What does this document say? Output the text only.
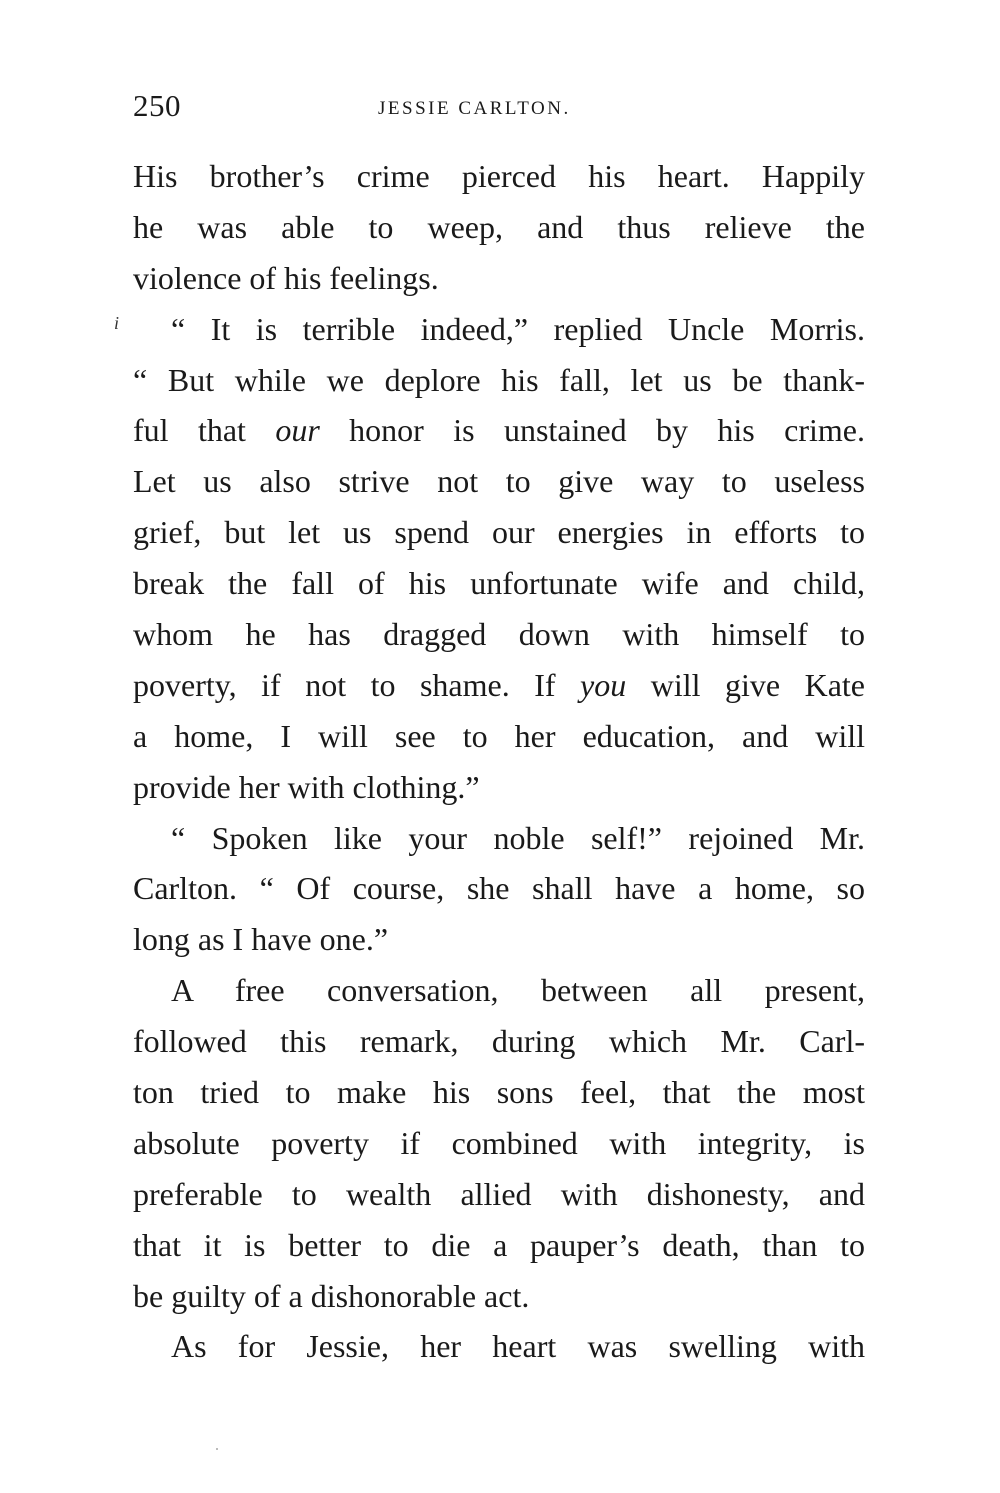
250	JESSIE CARLTON.
i
His brother’s crime pierced his heart. Happily
he was able to weep, and thus relieve the
violence of his feelings.
“ It is terrible indeed,” replied Uncle Morris.
“ But while we deplore his fall, let us be thank-
ful that our honor is unstained by his crime.
Let us also strive not to give way to useless
grief, but let us spend our energies in efforts to
break the fall of his unfortunate wife and child,
whom he has dragged down with himself to
poverty, if not to shame. If you will give Kate
a home, I will see to her education, and will
provide her with clothing.”
“ Spoken like your noble self!” rejoined Mr.
Carlton. “ Of course, she shall have a home, so
long as I have one.”
A free conversation, between all present,
followed this remark, during which Mr. Carl-
ton tried to make his sons feel, that the most
absolute poverty if combined with integrity, is
preferable to wealth allied with dishonesty, and
that it is better to die a pauper’s death, than to
be guilty of a dishonorable act.
As for Jessie, her heart was swelling with
